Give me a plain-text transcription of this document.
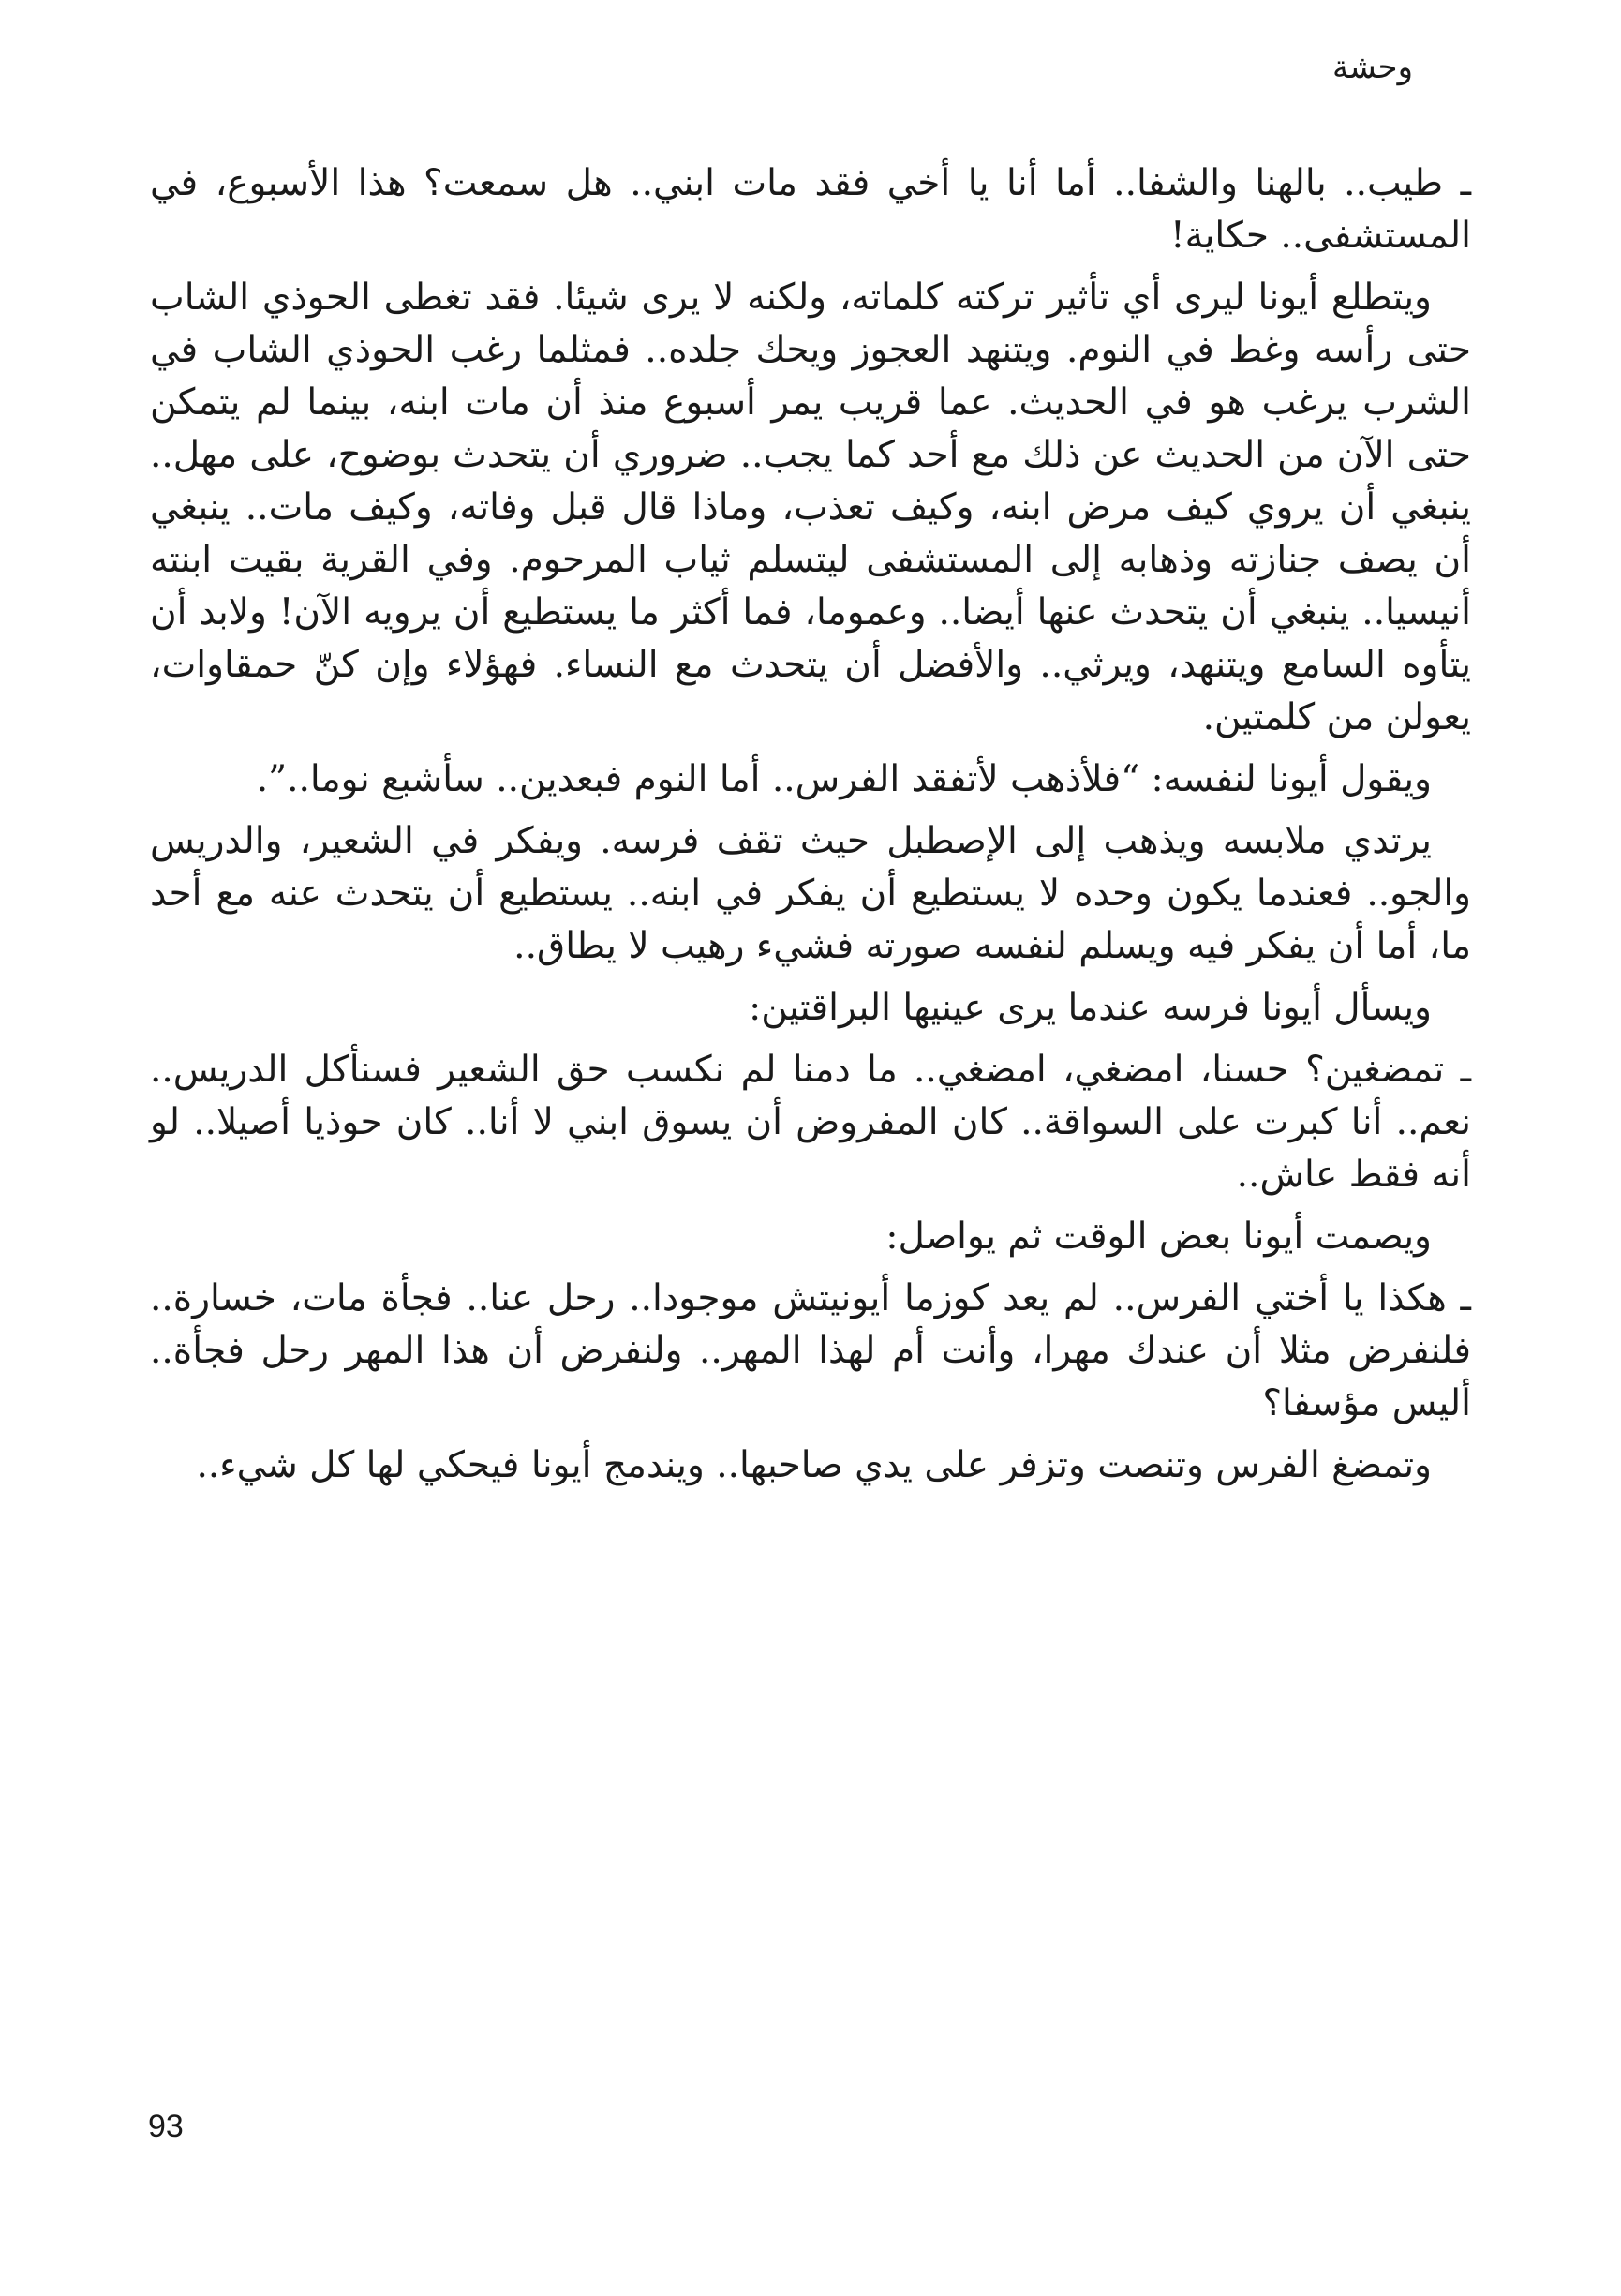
وحشة

ـ طيب.. بالهنا والشفا.. أما أنا يا أخي فقد مات ابني.. هل سمعت؟ هذا الأسبوع، في المستشفى.. حكاية!

ويتطلع أيونا ليرى أي تأثير تركته كلماته، ولكنه لا يرى شيئا. فقد تغطى الحوذي الشاب حتى رأسه وغط في النوم. ويتنهد العجوز ويحك جلده.. فمثلما رغب الحوذي الشاب في الشرب يرغب هو في الحديث. عما قريب يمر أسبوع منذ أن مات ابنه، بينما لم يتمكن حتى الآن من الحديث عن ذلك مع أحد كما يجب.. ضروري أن يتحدث بوضوح، على مهل.. ينبغي أن يروي كيف مرض ابنه، وكيف تعذب، وماذا قال قبل وفاته، وكيف مات.. ينبغي أن يصف جنازته وذهابه إلى المستشفى ليتسلم ثياب المرحوم. وفي القرية بقيت ابنته أنيسيا.. ينبغي أن يتحدث عنها أيضا.. وعموما، فما أكثر ما يستطيع أن يرويه الآن! ولابد أن يتأوه السامع ويتنهد، ويرثي.. والأفضل أن يتحدث مع النساء. فهؤلاء وإن كنّ حمقاوات، يعولن من كلمتين.

ويقول أيونا لنفسه: “فلأذهب لأتفقد الفرس.. أما النوم فبعدين.. سأشبع نوما..”.

يرتدي ملابسه ويذهب إلى الإصطبل حيث تقف فرسه. ويفكر في الشعير، والدريس والجو.. فعندما يكون وحده لا يستطيع أن يفكر في ابنه.. يستطيع أن يتحدث عنه مع أحد ما، أما أن يفكر فيه ويسلم لنفسه صورته فشيء رهيب لا يطاق..

ويسأل أيونا فرسه عندما يرى عينيها البراقتين:

ـ تمضغين؟ حسنا، امضغي، امضغي.. ما دمنا لم نكسب حق الشعير فسنأكل الدريس.. نعم.. أنا كبرت على السواقة.. كان المفروض أن يسوق ابني لا أنا.. كان حوذيا أصيلا.. لو أنه فقط عاش..

ويصمت أيونا بعض الوقت ثم يواصل:

ـ هكذا يا أختي الفرس.. لم يعد كوزما أيونيتش موجودا.. رحل عنا.. فجأة مات، خسارة.. فلنفرض مثلا أن عندك مهرا، وأنت أم لهذا المهر.. ولنفرض أن هذا المهر رحل فجأة.. أليس مؤسفا؟

وتمضغ الفرس وتنصت وتزفر على يدي صاحبها.. ويندمج أيونا فيحكي لها كل شيء..

93
